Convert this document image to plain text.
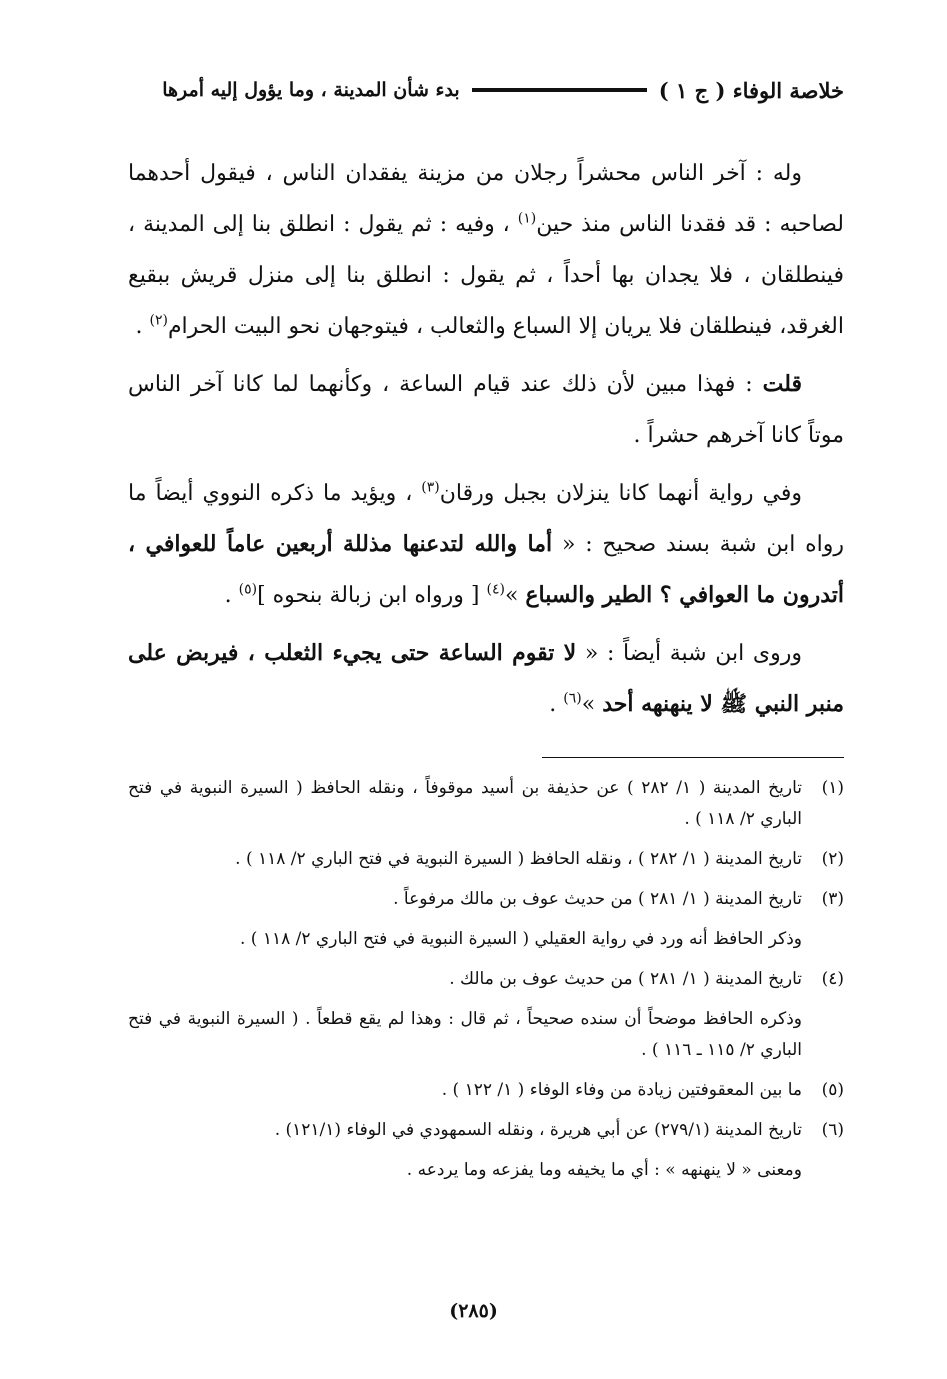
خلاصة الوفاء ( ج ١ )
بدء شأن المدينة ، وما يؤول إليه أمرها

وله : آخر الناس محشراً رجلان من مزينة يفقدان الناس ، فيقول أحدهما لصاحبه : قد فقدنا الناس منذ حين$^{(١)}$ ، وفيه : ثم يقول : انطلق بنا إلى المدينة ، فينطلقان ، فلا يجدان بها أحداً ، ثم يقول : انطلق بنا إلى منزل قريش ببقيع الغرقد، فينطلقان فلا يريان إلا السباع والثعالب ، فيتوجهان نحو البيت الحرام$^{(٢)}$ .

قلت : فهذا مبين لأن ذلك عند قيام الساعة ، وكأنهما لما كانا آخر الناس موتاً كانا آخرهم حشراً .

وفي رواية أنهما كانا ينزلان بجبل ورقان$^{(٣)}$ ، ويؤيد ما ذكره النووي أيضاً ما رواه ابن شبة بسند صحيح : « أما والله لتدعنها مذللة أربعين عاماً للعوافي ، أتدرون ما العوافي ؟ الطير والسباع »$^{(٤)}$ [ ورواه ابن زبالة بنحوه ]$^{(٥)}$ .

وروى ابن شبة أيضاً : « لا تقوم الساعة حتى يجيء الثعلب ، فيربض على منبر النبي ﷺ لا ينهنهه أحد »$^{(٦)}$ .

(١)
تاريخ المدينة ( ١/ ٢٨٢ ) عن حذيفة بن أسيد موقوفاً ، ونقله الحافظ ( السيرة النبوية في فتح الباري ٢/ ١١٨ ) .
(٢)
تاريخ المدينة ( ١/ ٢٨٢ ) ، ونقله الحافظ ( السيرة النبوية في فتح الباري ٢/ ١١٨ ) .
(٣)
تاريخ المدينة ( ١/ ٢٨١ ) من حديث عوف بن مالك مرفوعاً .
وذكر الحافظ أنه ورد في رواية العقيلي ( السيرة النبوية في فتح الباري ٢/ ١١٨ ) .
(٤)
تاريخ المدينة ( ١/ ٢٨١ ) من حديث عوف بن مالك .
وذكره الحافظ موضحاً أن سنده صحيحاً ، ثم قال : وهذا لم يقع قطعاً . ( السيرة النبوية في فتح الباري ٢/ ١١٥ ـ ١١٦ ) .
(٥)
ما بين المعقوفتين زيادة من وفاء الوفاء ( ١/ ١٢٢ ) .
(٦)
تاريخ المدينة (٢٧٩/١) عن أبي هريرة ، ونقله السمهودي في الوفاء (١٢١/١) .
ومعنى « لا ينهنهه » : أي ما يخيفه وما يفزعه وما يردعه .
(٢٨٥)
